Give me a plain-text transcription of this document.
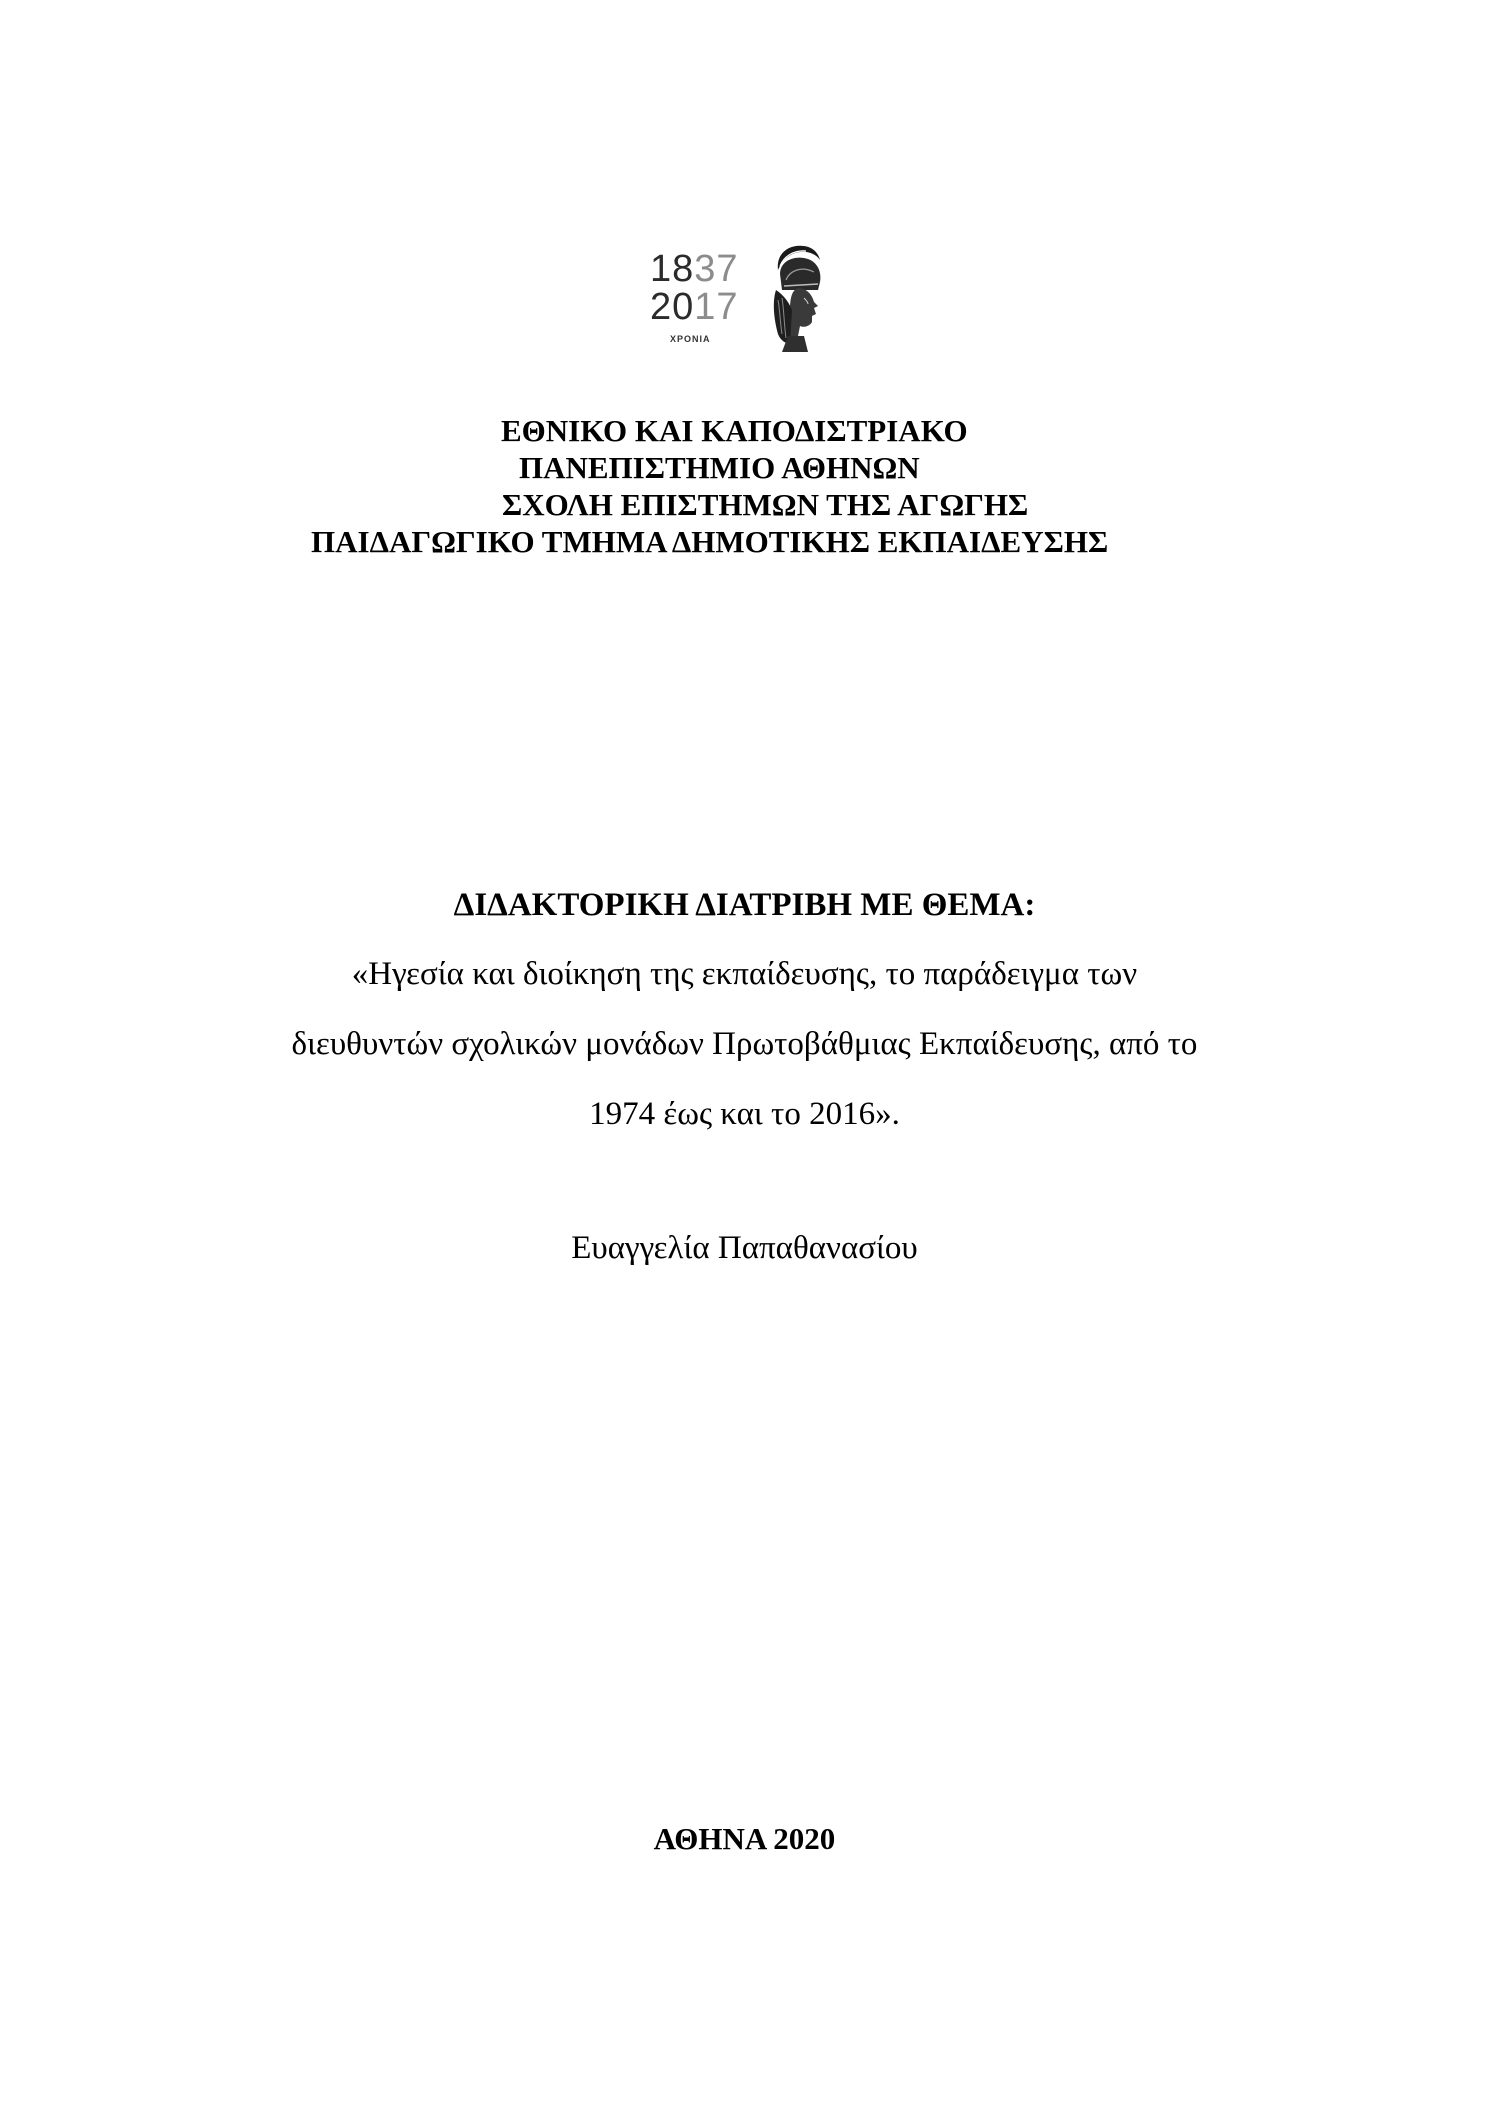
1837
2017
ΧΡΟΝΙΑ
ΕΘΝΙΚΟ ΚΑΙ ΚΑΠΟΔΙΣΤΡΙΑΚΟ
ΠΑΝΕΠΙΣΤΗΜΙΟ ΑΘΗΝΩΝ
ΣΧΟΛΗ ΕΠΙΣΤΗΜΩΝ ΤΗΣ ΑΓΩΓΗΣ
ΠΑΙΔΑΓΩΓΙΚΟ ΤΜΗΜΑ ΔΗΜΟΤΙΚΗΣ ΕΚΠΑΙΔΕΥΣΗΣ
ΔΙΔΑΚΤΟΡΙΚΗ ΔΙΑΤΡΙΒΗ ΜΕ ΘΕΜΑ:
«Ηγεσία και διοίκηση της εκπαίδευσης, το παράδειγμα των
διευθυντών σχολικών μονάδων Πρωτοβάθμιας Εκπαίδευσης, από το
1974 έως και το 2016».
Ευαγγελία Παπαθανασίου
ΑΘΗΝΑ 2020
